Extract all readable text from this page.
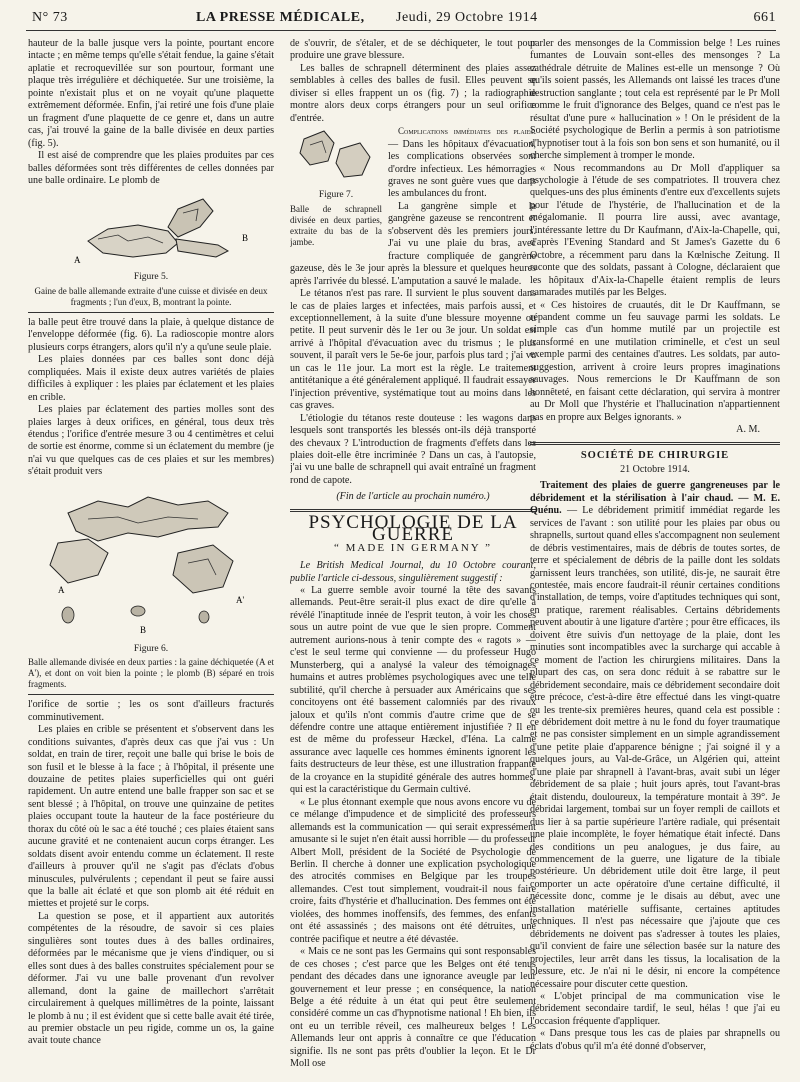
N° 73	LA PRESSE MÉDICALE, Jeudi, 29 Octobre 1914	661

hauteur de la balle jusque vers la pointe, pourtant encore intacte ; en même temps qu'elle s'était fendue, la gaine s'était aplatie et recroquevillée sur son pourtour, formant une plaque très irrégulière et déchiquetée. Sur une troisième, la pointe n'existait plus et on ne voyait qu'une plaquette extrêmement déformée. Enfin, j'ai retiré une fois d'une plaie un fragment d'une plaquette de ce genre et, dans un autre cas, j'ai trouvé la gaine de la balle divisée en deux parties (fig. 5).

Il est aisé de comprendre que les plaies produites par ces balles déformées sont très différentes de celles données par une balle ordinaire. Le plomb de

A
B
Figure 5.
Gaine de balle allemande extraite d'une cuisse et divisée en deux fragments ; l'un d'eux, B, montrant la pointe.

la balle peut être trouvé dans la plaie, à quelque distance de l'enveloppe déformée (fig. 6). La radioscopie montre alors plusieurs corps étrangers, alors qu'il n'y a qu'une seule plaie.

Les plaies données par ces balles sont donc déjà compliquées. Mais il existe deux autres variétés de plaies difficiles à expliquer : les plaies par éclatement et les plaies en crible.

Les plaies par éclatement des parties molles sont des plaies larges à deux orifices, en général, tous deux très étendus ; l'orifice d'entrée mesure 3 ou 4 centimètres et celui de sortie est énorme, comme si un éclatement du membre (je n'ai vu que quelques cas de ces plaies et sur les membres) s'était produit vers

A
A'
B
Figure 6.
Balle allemande divisée en deux parties : la gaine déchiquetée (A et A'), et dont on voit bien la pointe ; le plomb (B) séparé en trois fragments.

l'orifice de sortie ; les os sont d'ailleurs fracturés comminutivement.

Les plaies en crible se présentent et s'observent dans les conditions suivantes, d'après deux cas que j'ai vus : Un soldat, en train de tirer, reçoit une balle qui brise le bois de son fusil et le blesse à la face ; à l'hôpital, il présente une douzaine de petites plaies superficielles qui ont guéri rapidement. Un autre entend une balle frapper son sac et se sent blessé ; à l'hôpital, on trouve une quinzaine de petites plaies occupant toute la hauteur de la face postérieure du thorax du côté où le sac a été touché ; ces plaies étaient sans aucune gravité et ne contenaient aucun corps étranger. Les soldats disent avoir entendu comme un éclatement. Il reste d'ailleurs à prouver qu'il ne s'agit pas d'éclats d'obus minuscules, pulvérulents ; cependant il peut se faire aussi que la balle ait éclaté et que son plomb ait été réduit en miettes et projeté sur le corps.

La question se pose, et il appartient aux autorités compétentes de la résoudre, de savoir si ces plaies singulières sont toutes dues à des balles ordinaires, déformées par le mécanisme que je viens d'indiquer, ou si elles sont dues à des balles construites spécialement pour se déformer. J'ai vu une balle provenant d'un revolver allemand, dont la gaine de maillechort s'arrêtait circulairement à quelques millimètres de la pointe, laissant le plomb à nu ; il est évident que si cette balle avait été tirée, au premier obstacle un peu rigide, comme un os, la gaine avait toute chance

de s'ouvrir, de s'étaler, et de se déchiqueter, le tout pour produire une grave blessure.

Les balles de schrapnell déterminent des plaies assez semblables à celles des balles de fusil. Elles peuvent se diviser si elles frappent un os (fig. 7) ; la radiographie montre alors deux corps étrangers pour un seul orifice d'entrée.

Figure 7.
Balle de schrapnell divisée en deux parties, extraite du bas de la jambe.

Complications immédiates des plaies. — Dans les hôpitaux d'évacuation, les complications observées sont d'ordre infectieux. Les hémorragies graves ne sont guère vues que dans les ambulances du front.

La gangrène simple et la gangrène gazeuse se rencontrent et s'observent dès les premiers jours. J'ai vu une plaie du bras, avec fracture compliquée de gangrène gazeuse, dès le 3e jour après la blessure et quelques heures après l'arrivée du blessé. L'amputation a sauvé le malade.

Le tétanos n'est pas rare. Il survient le plus souvent dans le cas de plaies larges et infectées, mais parfois aussi, et exceptionnellement, à la suite d'une blessure moyenne ou petite. Il peut survenir dès le 1er ou 3e jour. Un soldat est arrivé à l'hôpital d'évacuation avec du trismus ; le plus souvent, il paraît vers le 5e-6e jour, parfois plus tard ; j'ai vu un cas le 11e jour. La mort est la règle. Le traitement antitétanique a été généralement appliqué. Il faudrait essayer l'injection préventive, systématique tout au moins dans les cas graves.

L'étiologie du tétanos reste douteuse : les wagons dans lesquels sont transportés les blessés ont-ils déjà transporté des chevaux ? L'introduction de fragments d'effets dans les plaies doit-elle être incriminée ? Dans un cas, à l'autopsie, j'ai vu une balle de schrapnell qui avait entraîné un fragment rond de capote.

(Fin de l'article au prochain numéro.)
PSYCHOLOGIE DE LA GUERRE
“ MADE IN GERMANY ”

Le British Medical Journal, du 10 Octobre courant, publie l'article ci-dessous, singulièrement suggestif :

« La guerre semble avoir tourné la tête des savants allemands. Peut-être serait-il plus exact de dire qu'elle a révélé l'inaptitude innée de l'esprit teuton, à voir les choses sous un autre point de vue que le sien propre. Comment autrement aurions-nous à tenir compte des « ragots » — c'est le seul terme qui convienne — du professeur Hugo Munsterberg, qui a analysé la valeur des témoignages humains et autres problèmes psychologiques avec une telle subtilité, qu'il cherche à persuader aux Américains que ses concitoyens ont été bassement calomniés par des rivaux jaloux et qu'ils n'ont commis d'autre crime que de se défendre contre une attaque entièrement injustifiée ? Il en est de même du professeur Hæckel, d'Iéna. La calme assurance avec laquelle ces hommes éminents ignorent les faits destructeurs de leur thèse, est une illustration frappante de la croyance en la stupidité générale des autres hommes, qui est la caractéristique du Germain cultivé.

« Le plus étonnant exemple que nous avons encore vu de ce mélange d'impudence et de simplicité des professeurs allemands est la communication — qui serait expressément amusante si le sujet n'en était aussi horrible — du professeur Albert Moll, président de la Société de Psychologie de Berlin. Il cherche à donner une explication psychologique des atrocités commises en Belgique par les troupes allemandes. C'est tout simplement, voudrait-il nous faire croire, faits d'hystérie et d'hallucination. Des femmes ont été violées, des hommes inoffensifs, des femmes, des enfants ont été assassinés ; des maisons ont été détruites, une contrée pacifique et neutre a été dévastée.

« Mais ce ne sont pas les Germains qui sont responsables de ces choses ; c'est parce que les Belges ont été tenus pendant des décades dans une ignorance aveugle par leur gouvernement et leur presse ; en conséquence, la nation Belge a été réduite à un état qui peut être seulement considéré comme un cas d'hypnotisme national ! Eh bien, ils ont eu un terrible réveil, ces malheureux belges ! Les Allemands leur ont appris à connaître ce que l'éducation signifie. Ils ne sont pas prêts d'oublier la leçon. Et le Dr Moll ose

parler des mensonges de la Commission belge ! Les ruines fumantes de Louvain sont-elles des mensonges ? La cathédrale détruite de Malines est-elle un mensonge ? Où qu'ils soient passés, les Allemands ont laissé les traces d'une destruction sanglante ; tout cela est représenté par le Pr Moll comme le fruit d'ignorance des Belges, quand ce n'est pas le résultat d'une pure « hallucination » ! On le président de la Société psychologique de Berlin a permis à son patriotisme d'hypnotiser tout à la fois son bon sens et son humanité, ou il cherche simplement à tromper le monde.

« Nous recommandons au Dr Moll d'appliquer sa psychologie à l'étude de ses compatriotes. Il trouvera chez quelques-uns des plus éminents d'entre eux d'excellents sujets pour l'étude de l'hystérie, de l'hallucination et de la mégalomanie. Il pourra lire aussi, avec avantage, l'intéressante lettre du Dr Kaufmann, d'Aix-la-Chapelle, qui, d'après l'Evening Standard and St James's Gazette du 6 Octobre, a récemment paru dans la Kœlnische Zeitung. Il raconte que des soldats, passant à Cologne, déclaraient que les hôpitaux d'Aix-la-Chapelle étaient remplis de leurs camarades mutilés par les Belges.

« Ces histoires de cruautés, dit le Dr Kauffmann, se répandent comme un feu sauvage parmi les soldats. Le simple cas d'un homme mutilé par un projectile est transformé en une mutilation criminelle, et c'est un seul exemple parmi des centaines d'autres. Les soldats, par auto-suggestion, arrivent à croire leurs propres imaginations sauvages. Nous remercions le Dr Kauffmann de son honnêteté, en faisant cette déclaration, qui servira à montrer au Dr Moll que l'hystérie et l'hallucination n'appartiennent pas en propre aux Belges ignorants. »

A. M.
SOCIÉTÉ DE CHIRURGIE
21 Octobre 1914.

Traitement des plaies de guerre gangreneuses par le débridement et la stérilisation à l'air chaud. — M. E. Quénu. — Le débridement primitif immédiat regarde les services de l'avant : son utilité pour les plaies par obus ou shrapnells, surtout quand elles s'accompagnent non seulement de débris vestimentaires, mais de débris de toutes sortes, de terre et spécialement de débris de la paille dont les soldats garnissent leurs tranchées, son utilité, dis-je, ne saurait être contestée, mais encore faudrait-il réunir certaines conditions d'installation, de temps, voire d'aptitudes techniques qui sont, en pratique, rarement réalisables. Certains débridements peuvent aboutir à une ligature d'artère ; pour être efficaces, ils doivent être suivis d'un nettoyage de la plaie, dont les minuties sont incompatibles avec la surcharge qui accable à ce moment de l'action les chirurgiens militaires. Dans la plupart des cas, on sera donc réduit à se rabattre sur le débridement secondaire, mais ce débridement secondaire doit être précoce, c'est-à-dire être effectué dans les vingt-quatre ou les trente-six premières heures, quand cela est possible : ce débridement doit mettre à nu le fond du foyer traumatique et ne pas consister simplement en un simple agrandissement d'une petite plaie d'apparence bénigne ; j'ai soigné il y a quelques jours, au Val-de-Grâce, un Algérien qui, atteint d'une plaie par shrapnell à l'avant-bras, avait subi un léger débridement de sa plaie ; huit jours après, tout l'avant-bras était distendu, douloureux, la température montait à 39°. Je débridai largement, tombai sur un foyer rempli de caillots et dus lier à sa partie supérieure l'artère radiale, qui présentait une plaie incomplète, le foyer hématique était infecté. Dans des conditions un peu analogues, je dus faire, au commencement de la guerre, une ligature de la tibiale postérieure. Un débridement utile doit être large, il peut comporter un acte opératoire d'une certaine difficulté, il nécessite donc, comme je le disais au début, avec une installation matérielle suffisante, certaines aptitudes techniques. Il n'est pas nécessaire que j'ajoute que ces débridements ne doivent pas s'adresser à toutes les plaies, qu'il convient de faire une sélection basée sur la nature des projectiles, leur arrêt dans les tissus, la localisation de la blessure, etc. Je n'ai ni le désir, ni encore la compétence nécessaire pour discuter cette question.

« L'objet principal de ma communication vise le débridement secondaire tardif, le seul, hélas ! que j'ai eu l'occasion fréquente d'appliquer.

« Dans presque tous les cas de plaies par shrapnells ou éclats d'obus qu'il m'a été donné d'observer,
